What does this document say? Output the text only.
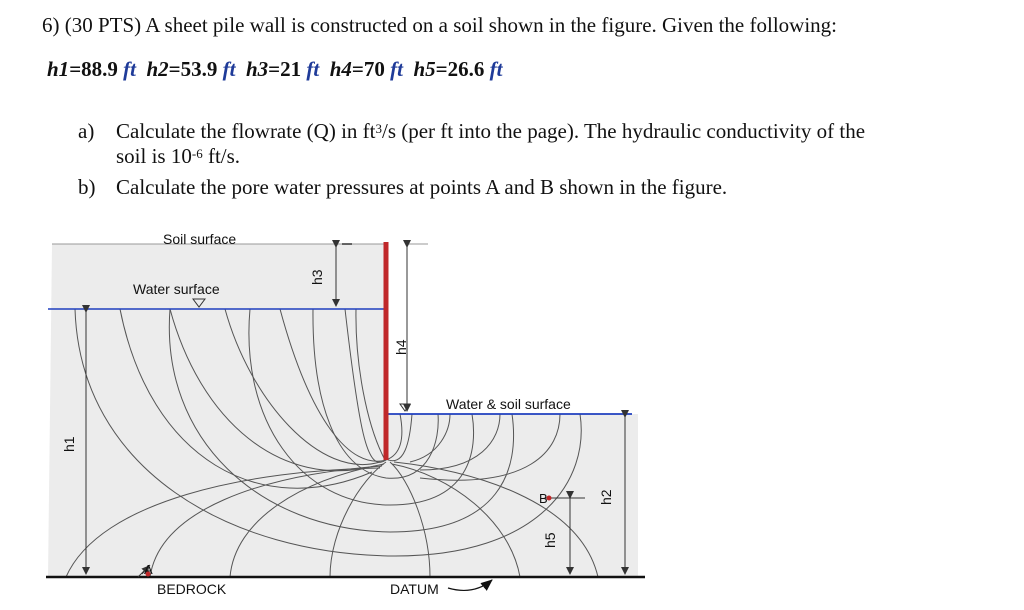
6) (30 PTS) A sheet pile wall is constructed on a soil shown in the figure. Given the following:
h1=88.9 ft h2=53.9 ft h3=21 ft h4=70 ft h5=26.6 ft
a) Calculate the flowrate (Q) in $ft^3/s$ (per ft into the page). The hydraulic conductivity of the
soil is $10^{-6}$ ft/s.
b) Calculate the pore water pressures at points A and B shown in the figure.
Soil surface
Water surface
Water & soil surface
BEDROCK	DATUM
A
B
h1
h2
h3
h4
h5
